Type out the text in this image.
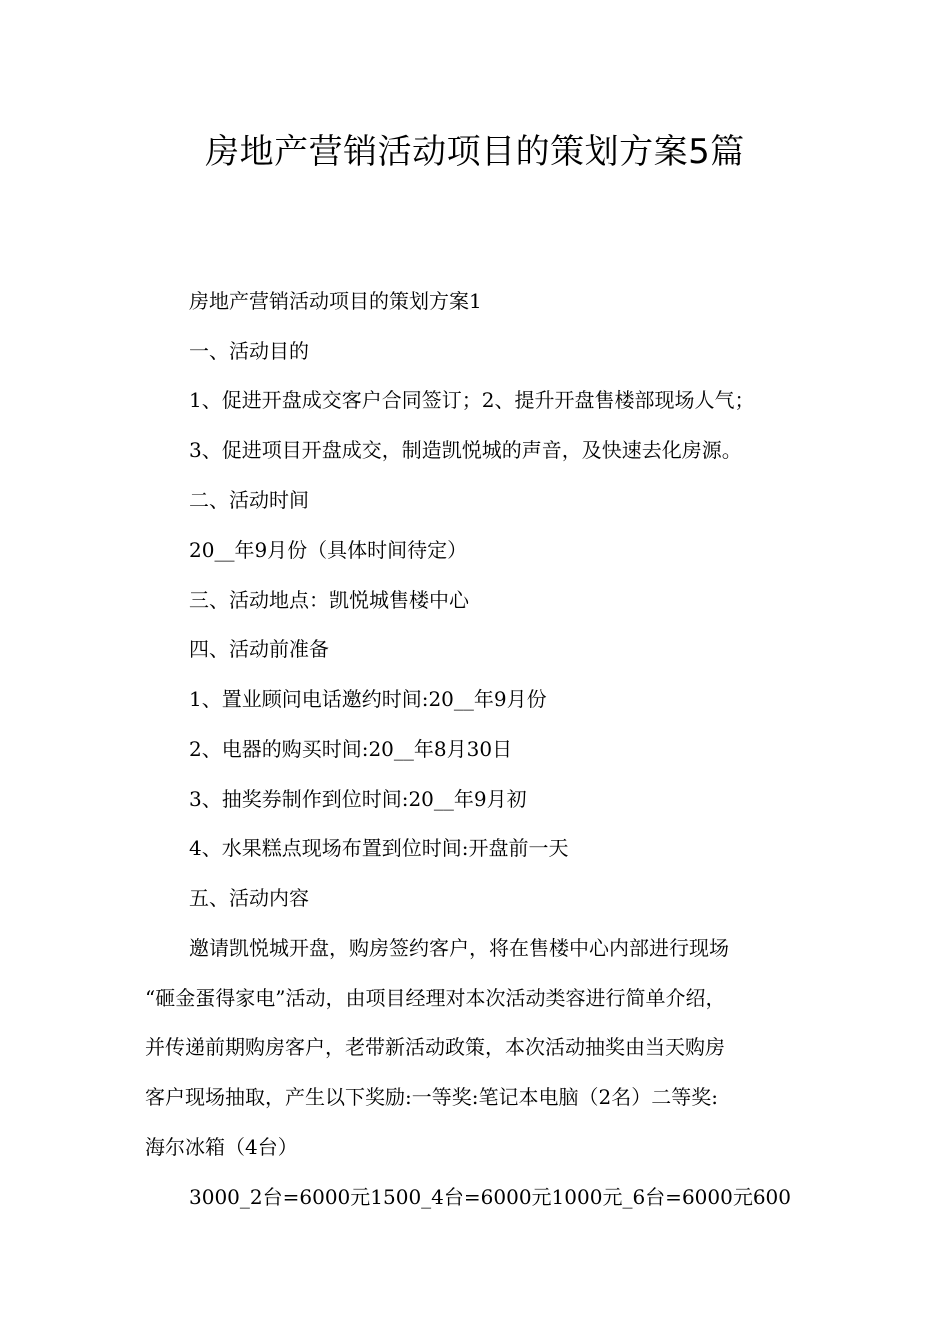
房地产营销活动项目的策划方案5篇

房地产营销活动项目的策划方案1

一、活动目的

1、促进开盘成交客户合同签订；2、提升开盘售楼部现场人气；

3、促进项目开盘成交，制造凯悦城的声音，及快速去化房源。

二、活动时间

20__年9月份（具体时间待定）

三、活动地点：凯悦城售楼中心

四、活动前准备

1、置业顾问电话邀约时间:20__年9月份

2、电器的购买时间:20__年8月30日

3、抽奖券制作到位时间:20__年9月初

4、水果糕点现场布置到位时间:开盘前一天

五、活动内容

邀请凯悦城开盘，购房签约客户，将在售楼中心内部进行现场

“砸金蛋得家电”活动，由项目经理对本次活动类容进行简单介绍，

并传递前期购房客户，老带新活动政策，本次活动抽奖由当天购房

客户现场抽取，产生以下奖励:一等奖:笔记本电脑（2名）二等奖:

海尔冰箱（4台）

3000_2台=6000元1500_4台=6000元1000元_6台=6000元600
